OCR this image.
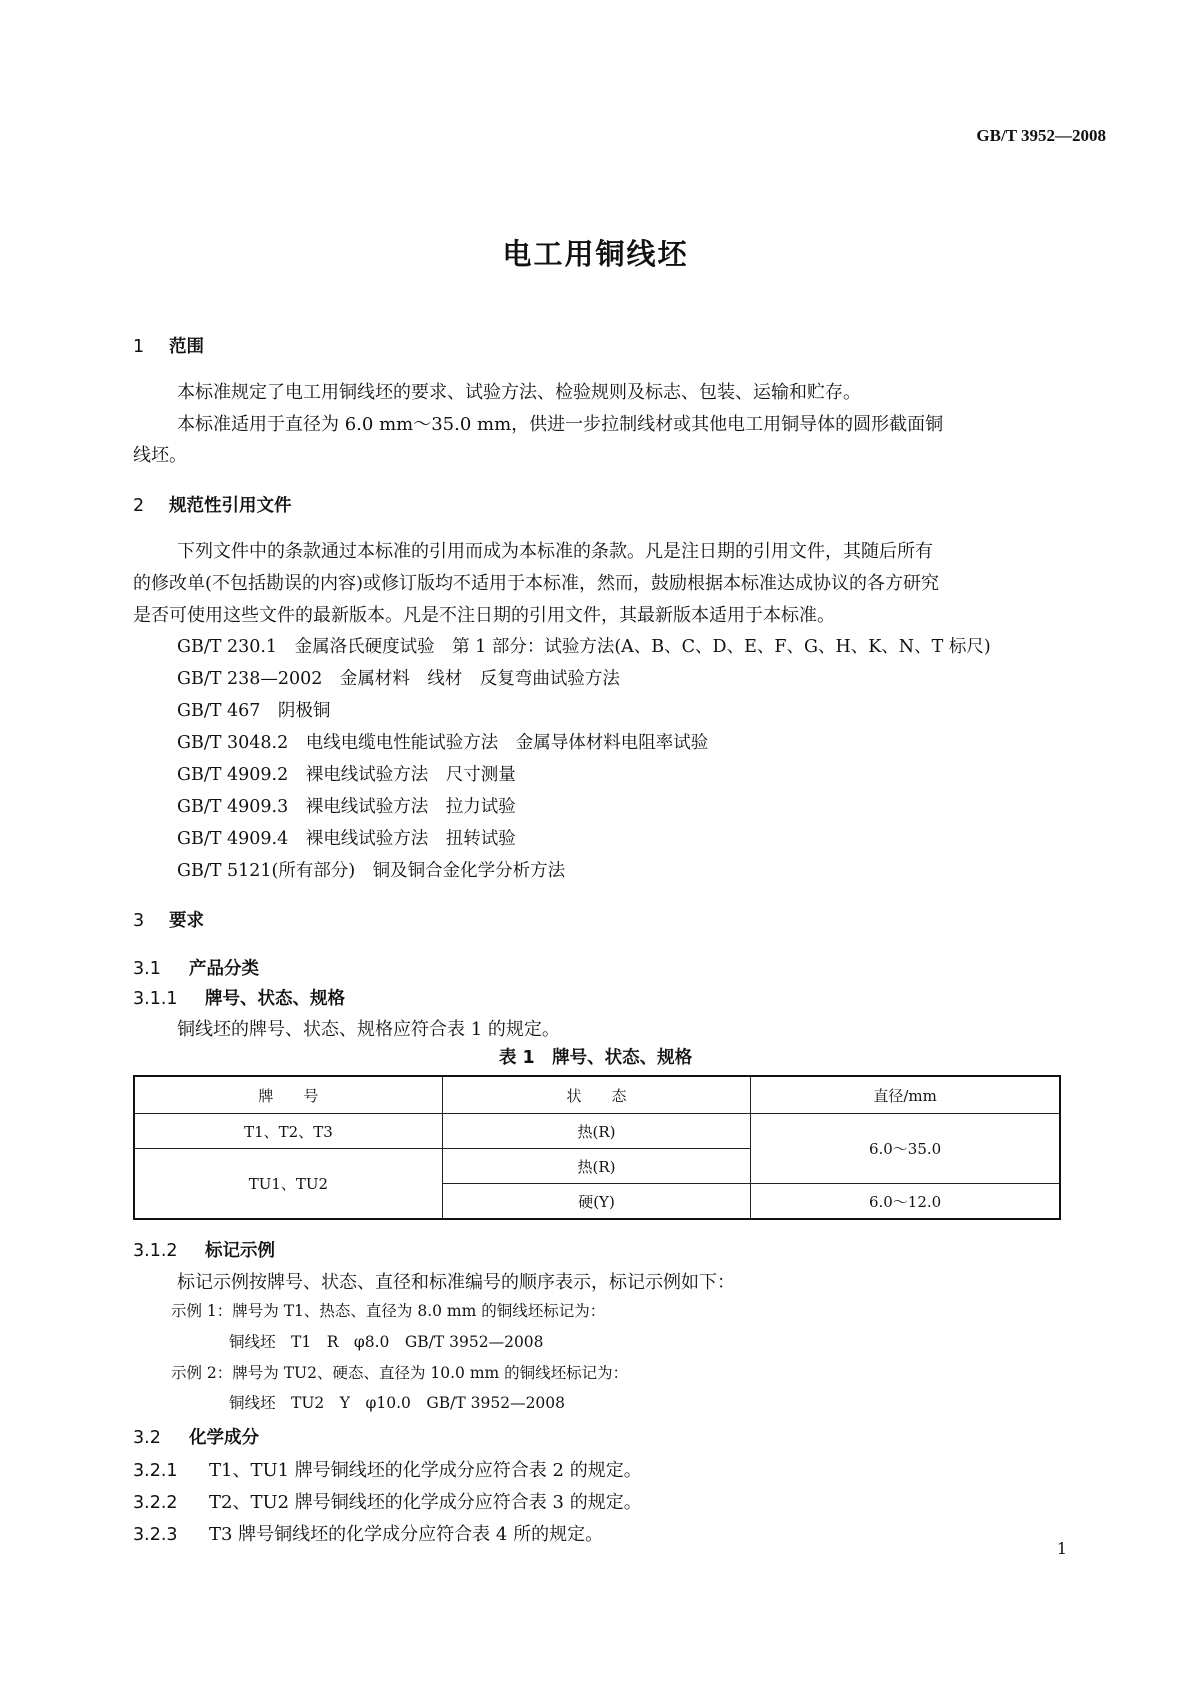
GB/T 3952—2008
电工用铜线坯
1 范围
本标准规定了电工用铜线坯的要求、试验方法、检验规则及标志、包装、运输和贮存。
本标准适用于直径为 6.0 mm～35.0 mm，供进一步拉制线材或其他电工用铜导体的圆形截面铜
线坯。
2 规范性引用文件
下列文件中的条款通过本标准的引用而成为本标准的条款。凡是注日期的引用文件，其随后所有
的修改单(不包括勘误的内容)或修订版均不适用于本标准，然而，鼓励根据本标准达成协议的各方研究
是否可使用这些文件的最新版本。凡是不注日期的引用文件，其最新版本适用于本标准。
GB/T 230.1　金属洛氏硬度试验　第 1 部分：试验方法(A、B、C、D、E、F、G、H、K、N、T 标尺)
GB/T 238—2002　金属材料　线材　反复弯曲试验方法
GB/T 467　阴极铜
GB/T 3048.2　电线电缆电性能试验方法　金属导体材料电阻率试验
GB/T 4909.2　裸电线试验方法　尺寸测量
GB/T 4909.3　裸电线试验方法　拉力试验
GB/T 4909.4　裸电线试验方法　扭转试验
GB/T 5121(所有部分)　铜及铜合金化学分析方法
3 要求
3.1 产品分类
3.1.1 牌号、状态、规格
铜线坯的牌号、状态、规格应符合表 1 的规定。
表 1　牌号、状态、规格
牌　　号	状　　态	直径/mm
T1、T2、T3	热(R)	6.0～35.0
TU1、TU2	热(R)	
	硬(Y)	6.0～12.0
3.1.2 标记示例
标记示例按牌号、状态、直径和标准编号的顺序表示，标记示例如下：
示例 1：牌号为 T1、热态、直径为 8.0 mm 的铜线坯标记为：
铜线坯　T1　R　φ8.0　GB/T 3952—2008
示例 2：牌号为 TU2、硬态、直径为 10.0 mm 的铜线坯标记为：
铜线坯　TU2　Y　φ10.0　GB/T 3952—2008
3.2 化学成分
3.2.1 T1、TU1 牌号铜线坯的化学成分应符合表 2 的规定。
3.2.2 T2、TU2 牌号铜线坯的化学成分应符合表 3 的规定。
3.2.3 T3 牌号铜线坯的化学成分应符合表 4 所的规定。
1
